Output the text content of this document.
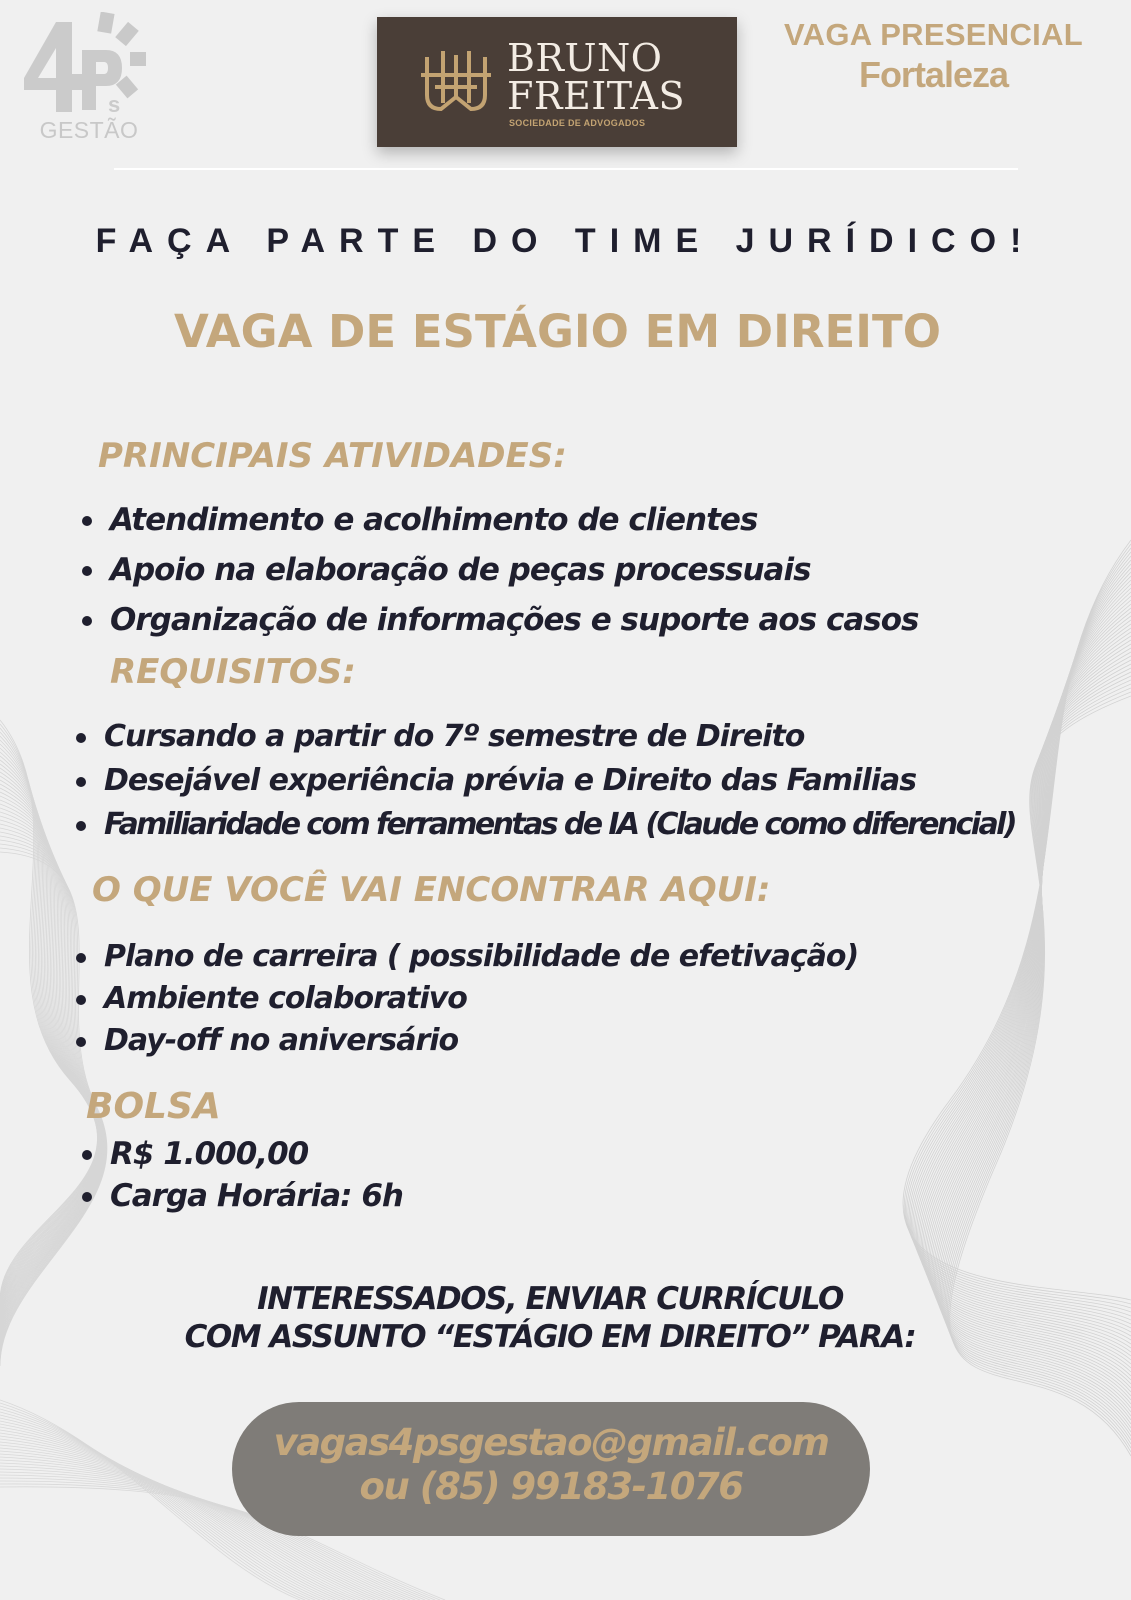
s
GESTÃO
BRUNO
FREITAS
SOCIEDADE DE ADVOGADOS
VAGA PRESENCIAL
Fortaleza
FAÇA PARTE DO TIME JURÍDICO!
VAGA DE ESTÁGIO EM DIREITO
PRINCIPAIS ATIVIDADES:
Atendimento e acolhimento de clientes
Apoio na elaboração de peças processuais
Organização de informações e suporte aos casos
REQUISITOS:
Cursando a partir do 7º semestre de Direito
Desejável experiência prévia e Direito das Familias
Familiaridade com ferramentas de IA (Claude como diferencial)
O QUE VOCÊ VAI ENCONTRAR AQUI:
Plano de carreira ( possibilidade de efetivação)
Ambiente colaborativo
Day-off no aniversário
BOLSA
R$ 1.000,00
Carga Horária: 6h
INTERESSADOS, ENVIAR CURRÍCULO
COM ASSUNTO “ESTÁGIO EM DIREITO” PARA:
vagas4psgestao@gmail.com
ou (85) 99183-1076
